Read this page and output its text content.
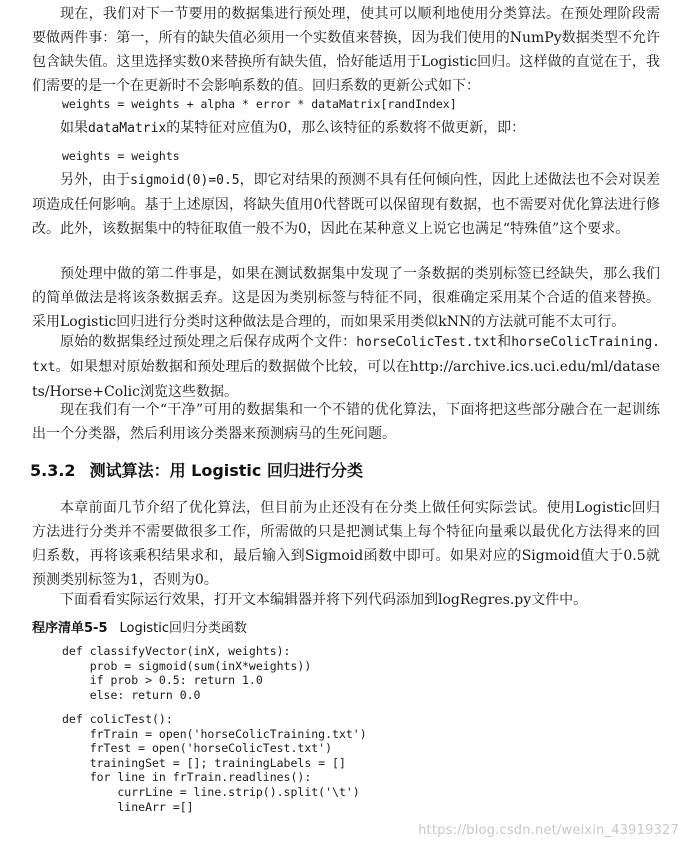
现在，我们对下一节要用的数据集进行预处理，使其可以顺利地使用分类算法。在预处理阶段需要做两件事：第一，所有的缺失值必须用一个实数值来替换，因为我们使用的NumPy数据类型不允许包含缺失值。这里选择实数0来替换所有缺失值，恰好能适用于Logistic回归。这样做的直觉在于，我们需要的是一个在更新时不会影响系数的值。回归系数的更新公式如下：

weights = weights + alpha * error * dataMatrix[randIndex]

如果dataMatrix的某特征对应值为0，那么该特征的系数将不做更新，即：

weights = weights

另外，由于sigmoid(0)=0.5，即它对结果的预测不具有任何倾向性，因此上述做法也不会对误差项造成任何影响。基于上述原因，将缺失值用0代替既可以保留现有数据，也不需要对优化算法进行修改。此外，该数据集中的特征取值一般不为0，因此在某种意义上说它也满足“特殊值”这个要求。

预处理中做的第二件事是，如果在测试数据集中发现了一条数据的类别标签已经缺失，那么我们的简单做法是将该条数据丢弃。这是因为类别标签与特征不同，很难确定采用某个合适的值来替换。采用Logistic回归进行分类时这种做法是合理的，而如果采用类似kNN的方法就可能不太可行。

原始的数据集经过预处理之后保存成两个文件：horseColicTest.txt和horseColicTraining.txt。如果想对原始数据和预处理后的数据做个比较，可以在http://archive.ics.uci.edu/ml/datasets/Horse+Colic浏览这些数据。

现在我们有一个“干净”可用的数据集和一个不错的优化算法，下面将把这些部分融合在一起训练出一个分类器，然后利用该分类器来预测病马的生死问题。

5.3.2 测试算法：用 Logistic 回归进行分类

本章前面几节介绍了优化算法，但目前为止还没有在分类上做任何实际尝试。使用Logistic回归方法进行分类并不需要做很多工作，所需做的只是把测试集上每个特征向量乘以最优化方法得来的回归系数，再将该乘积结果求和，最后输入到Sigmoid函数中即可。如果对应的Sigmoid值大于0.5就预测类别标签为1，否则为0。

下面看看实际运行效果，打开文本编辑器并将下列代码添加到logRegres.py文件中。

程序清单5-5 Logistic回归分类函数
def classifyVector(inX, weights):
prob = sigmoid(sum(inX*weights))
if prob > 0.5: return 1.0
else: return 0.0
def colicTest():
frTrain = open('horseColicTraining.txt')
frTest = open('horseColicTest.txt')
trainingSet = []; trainingLabels = []
for line in frTrain.readlines():
currLine = line.strip().split('\t')
lineArr =[]
https://blog.csdn.net/weixin_43919327
